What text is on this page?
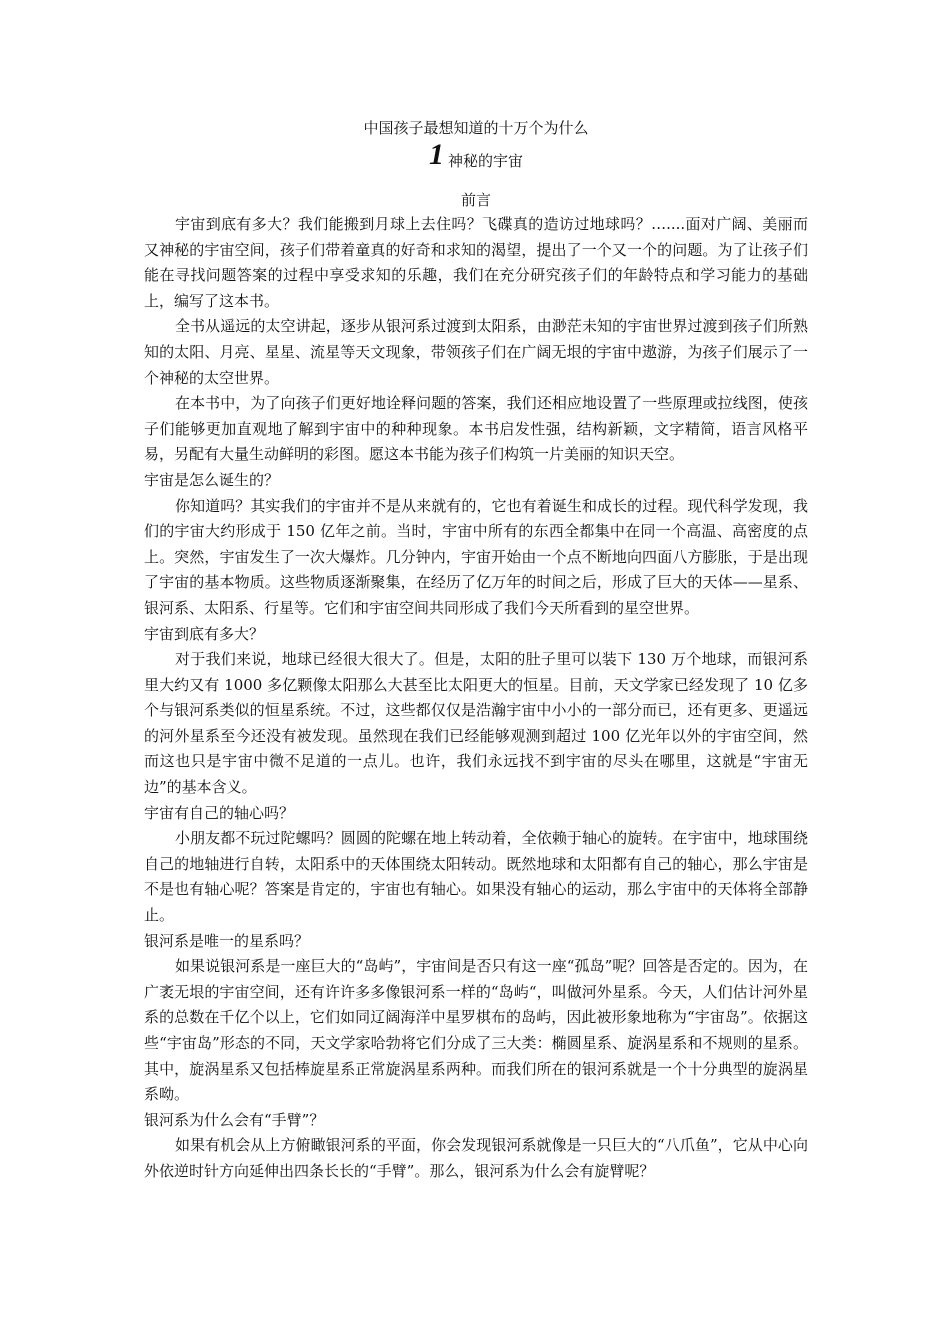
中国孩子最想知道的十万个为什么
1 神秘的宇宙
前言

宇宙到底有多大？我们能搬到月球上去住吗？飞碟真的造访过地球吗？…....面对广阔、美丽而又神秘的宇宙空间，孩子们带着童真的好奇和求知的渴望，提出了一个又一个的问题。为了让孩子们能在寻找问题答案的过程中享受求知的乐趣，我们在充分研究孩子们的年龄特点和学习能力的基础上，编写了这本书。

全书从遥远的太空讲起，逐步从银河系过渡到太阳系，由渺茫未知的宇宙世界过渡到孩子们所熟知的太阳、月亮、星星、流星等天文现象，带领孩子们在广阔无垠的宇宙中遨游，为孩子们展示了一个神秘的太空世界。

在本书中，为了向孩子们更好地诠释问题的答案，我们还相应地设置了一些原理或拉线图，使孩子们能够更加直观地了解到宇宙中的种种现象。本书启发性强，结构新颖，文字精简，语言风格平易，另配有大量生动鲜明的彩图。愿这本书能为孩子们构筑一片美丽的知识天空。

宇宙是怎么诞生的？

你知道吗？其实我们的宇宙并不是从来就有的，它也有着诞生和成长的过程。现代科学发现，我们的宇宙大约形成于 150 亿年之前。当时，宇宙中所有的东西全都集中在同一个高温、高密度的点上。突然，宇宙发生了一次大爆炸。几分钟内，宇宙开始由一个点不断地向四面八方膨胀，于是出现了宇宙的基本物质。这些物质逐渐聚集，在经历了亿万年的时间之后，形成了巨大的天体——星系、银河系、太阳系、行星等。它们和宇宙空间共同形成了我们今天所看到的星空世界。

宇宙到底有多大？

对于我们来说，地球已经很大很大了。但是，太阳的肚子里可以装下 130 万个地球，而银河系里大约又有 1000 多亿颗像太阳那么大甚至比太阳更大的恒星。目前，天文学家已经发现了 10 亿多个与银河系类似的恒星系统。不过，这些都仅仅是浩瀚宇宙中小小的一部分而已，还有更多、更遥远的河外星系至今还没有被发现。虽然现在我们已经能够观测到超过 100 亿光年以外的宇宙空间，然而这也只是宇宙中微不足道的一点儿。也许，我们永远找不到宇宙的尽头在哪里，这就是“宇宙无边”的基本含义。

宇宙有自己的轴心吗？

小朋友都不玩过陀螺吗？圆圆的陀螺在地上转动着，全依赖于轴心的旋转。在宇宙中，地球围绕自己的地轴进行自转，太阳系中的天体围绕太阳转动。既然地球和太阳都有自己的轴心，那么宇宙是不是也有轴心呢？答案是肯定的，宇宙也有轴心。如果没有轴心的运动，那么宇宙中的天体将全部静止。

银河系是唯一的星系吗？

如果说银河系是一座巨大的“岛屿”，宇宙间是否只有这一座“孤岛”呢？回答是否定的。因为，在广袤无垠的宇宙空间，还有许许多多像银河系一样的“岛屿“，叫做河外星系。今天，人们估计河外星系的总数在千亿个以上，它们如同辽阔海洋中星罗棋布的岛屿，因此被形象地称为“宇宙岛”。依据这些“宇宙岛”形态的不同，天文学家哈勃将它们分成了三大类：椭圆星系、旋涡星系和不规则的星系。其中，旋涡星系又包括棒旋星系正常旋涡星系两种。而我们所在的银河系就是一个十分典型的旋涡星系呦。

银河系为什么会有“手臂”？

如果有机会从上方俯瞰银河系的平面，你会发现银河系就像是一只巨大的“八爪鱼”，它从中心向外依逆时针方向延伸出四条长长的“手臂”。那么，银河系为什么会有旋臂呢？
